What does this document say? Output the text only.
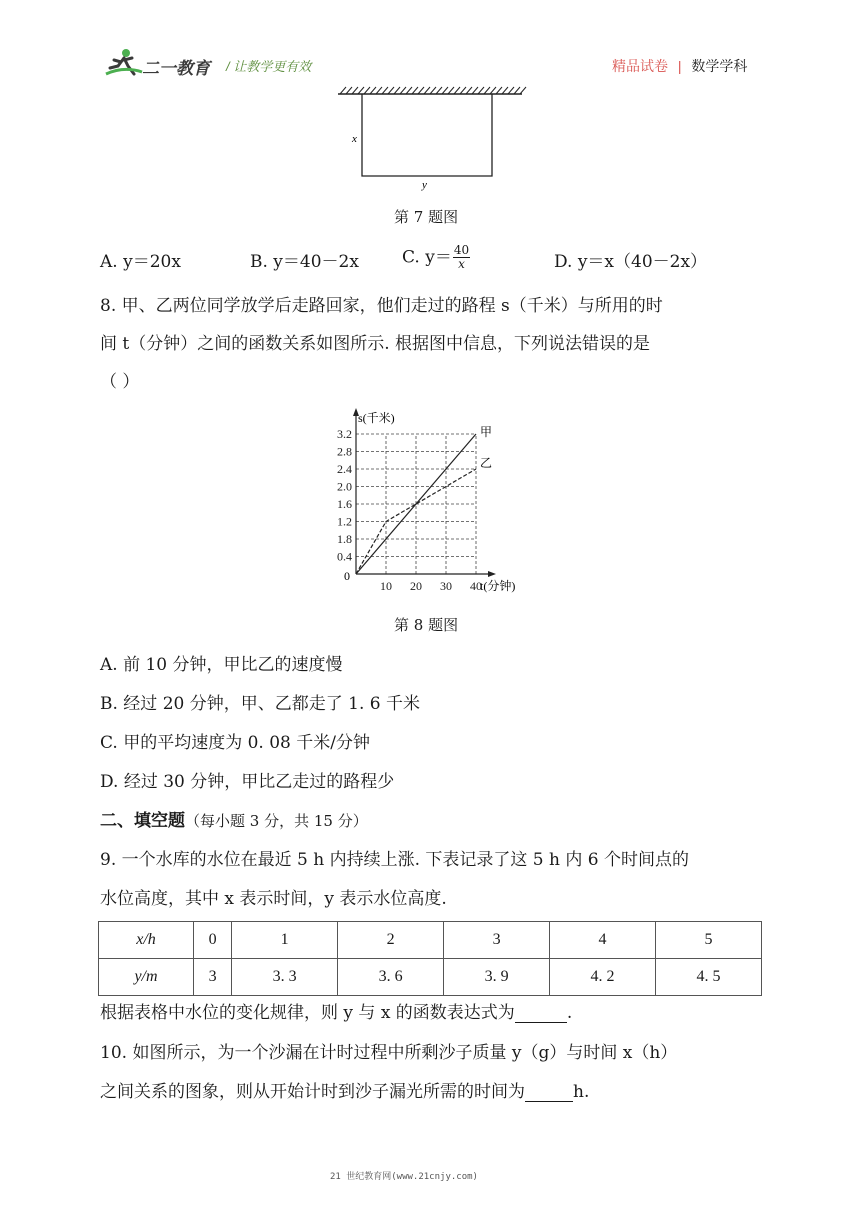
二一教育 / 让教学更有效	精品试卷 | 数学学科
x
y
第 7 题图
A. y＝20x	B. y＝40－2x	C. $y= \frac{40}{x}$	D. y＝x（40－2x）
8. 甲、乙两位同学放学后走路回家，他们走过的路程 s（千米）与所用的时
间 t（分钟）之间的函数关系如图所示. 根据图中信息，下列说法错误的是
（ ）
0.4
1.8
1.2
1.6
2.0
2.4
2.8
3.2
10 20 30 40
0
s(千米)
t(分钟)
甲
乙
第 8 题图
A. 前 10 分钟，甲比乙的速度慢
B. 经过 20 分钟，甲、乙都走了 1. 6 千米
C. 甲的平均速度为 0. 08 千米/分钟
D. 经过 30 分钟，甲比乙走过的路程少
二、填空题（每小题 3 分，共 15 分）
9. 一个水库的水位在最近 5 h 内持续上涨. 下表记录了这 5 h 内 6 个时间点的
水位高度，其中 x 表示时间，y 表示水位高度.
x/h	0	1	2	3	4	5
y/m	3	3. 3	3. 6	3. 9	4. 2	4. 5
根据表格中水位的变化规律，则 y 与 x 的函数表达式为	.
10. 如图所示，为一个沙漏在计时过程中所剩沙子质量 y（g）与时间 x（h）
之间关系的图象，则从开始计时到沙子漏光所需的时间为	h.
21 世纪教育网(www.21cnjy.com)
